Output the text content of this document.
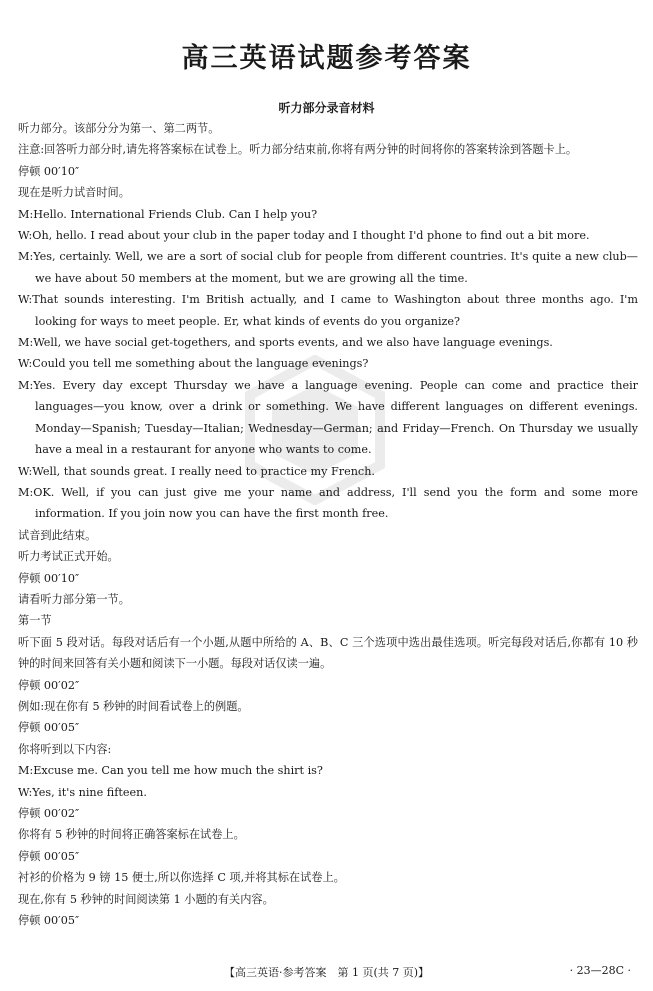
高三英语试题参考答案
听力部分录音材料

听力部分。该部分分为第一、第二两节。

注意:回答听力部分时,请先将答案标在试卷上。听力部分结束前,你将有两分钟的时间将你的答案转涂到答题卡上。

停顿 00′10″

现在是听力试音时间。

M:Hello. International Friends Club. Can I help you?

W:Oh, hello. I read about your club in the paper today and I thought I'd phone to find out a bit more.

M:Yes, certainly. Well, we are a sort of social club for people from different countries. It's quite a new club—we have about 50 members at the moment, but we are growing all the time.

W:That sounds interesting. I'm British actually, and I came to Washington about three months ago. I'm looking for ways to meet people. Er, what kinds of events do you organize?

M:Well, we have social get-togethers, and sports events, and we also have language evenings.

W:Could you tell me something about the language evenings?

M:Yes. Every day except Thursday we have a language evening. People can come and practice their languages—you know, over a drink or something. We have different languages on different evenings. Monday—Spanish; Tuesday—Italian; Wednesday—German; and Friday—French. On Thursday we usually have a meal in a restaurant for anyone who wants to come.

W:Well, that sounds great. I really need to practice my French.

M:OK. Well, if you can just give me your name and address, I'll send you the form and some more information. If you join now you can have the first month free.

试音到此结束。

听力考试正式开始。

停顿 00′10″

请看听力部分第一节。

第一节

听下面 5 段对话。每段对话后有一个小题,从题中所给的 A、B、C 三个选项中选出最佳选项。听完每段对话后,你都有 10 秒钟的时间来回答有关小题和阅读下一小题。每段对话仅读一遍。

停顿 00′02″

例如:现在你有 5 秒钟的时间看试卷上的例题。

停顿 00′05″

你将听到以下内容:

M:Excuse me. Can you tell me how much the shirt is?

W:Yes, it's nine fifteen.

停顿 00′02″

你将有 5 秒钟的时间将正确答案标在试卷上。

停顿 00′05″

衬衫的价格为 9 镑 15 便士,所以你选择 C 项,并将其标在试卷上。

现在,你有 5 秒钟的时间阅读第 1 小题的有关内容。

停顿 00′05″

【高三英语·参考答案　第 1 页(共 7 页)】	· 23—28C ·
